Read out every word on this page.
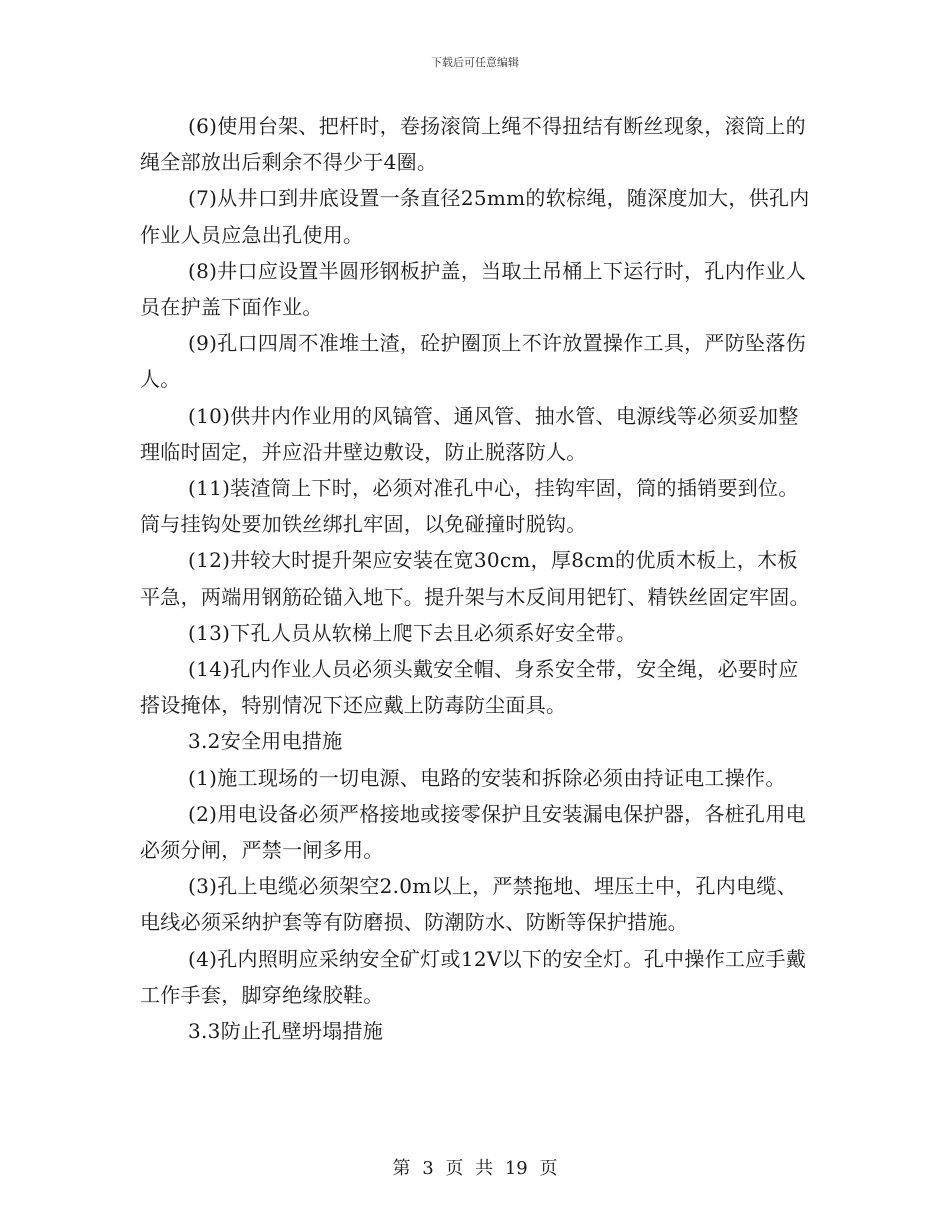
下载后可任意编辑

(6)使用台架、把杆时，卷扬滚筒上绳不得扭结有断丝现象，滚筒上的绳全部放出后剩余不得少于4圈。

(7)从井口到井底设置一条直径25mm的软棕绳，随深度加大，供孔内作业人员应急出孔使用。

(8)井口应设置半圆形钢板护盖，当取土吊桶上下运行时，孔内作业人员在护盖下面作业。

(9)孔口四周不准堆土渣，砼护圈顶上不许放置操作工具，严防坠落伤人。

(10)供井内作业用的风镐管、通风管、抽水管、电源线等必须妥加整理临时固定，并应沿井壁边敷设，防止脱落防人。

(11)装渣筒上下时，必须对准孔中心，挂钩牢固，筒的插销要到位。筒与挂钩处要加铁丝绑扎牢固，以免碰撞时脱钩。

(12)井较大时提升架应安装在宽30cm，厚8cm的优质木板上，木板平急，两端用钢筋砼锚入地下。提升架与木反间用钯钉、精铁丝固定牢固。

(13)下孔人员从软梯上爬下去且必须系好安全带。

(14)孔内作业人员必须头戴安全帽、身系安全带，安全绳，必要时应搭设掩体，特别情况下还应戴上防毒防尘面具。

3.2安全用电措施

(1)施工现场的一切电源、电路的安装和拆除必须由持证电工操作。

(2)用电设备必须严格接地或接零保护且安装漏电保护器，各桩孔用电必须分闸，严禁一闸多用。

(3)孔上电缆必须架空2.0m以上，严禁拖地、埋压土中，孔内电缆、电线必须采纳护套等有防磨损、防潮防水、防断等保护措施。

(4)孔内照明应采纳安全矿灯或12V以下的安全灯。孔中操作工应手戴工作手套，脚穿绝缘胶鞋。

3.3防止孔壁坍塌措施

第 3 页 共 19 页
